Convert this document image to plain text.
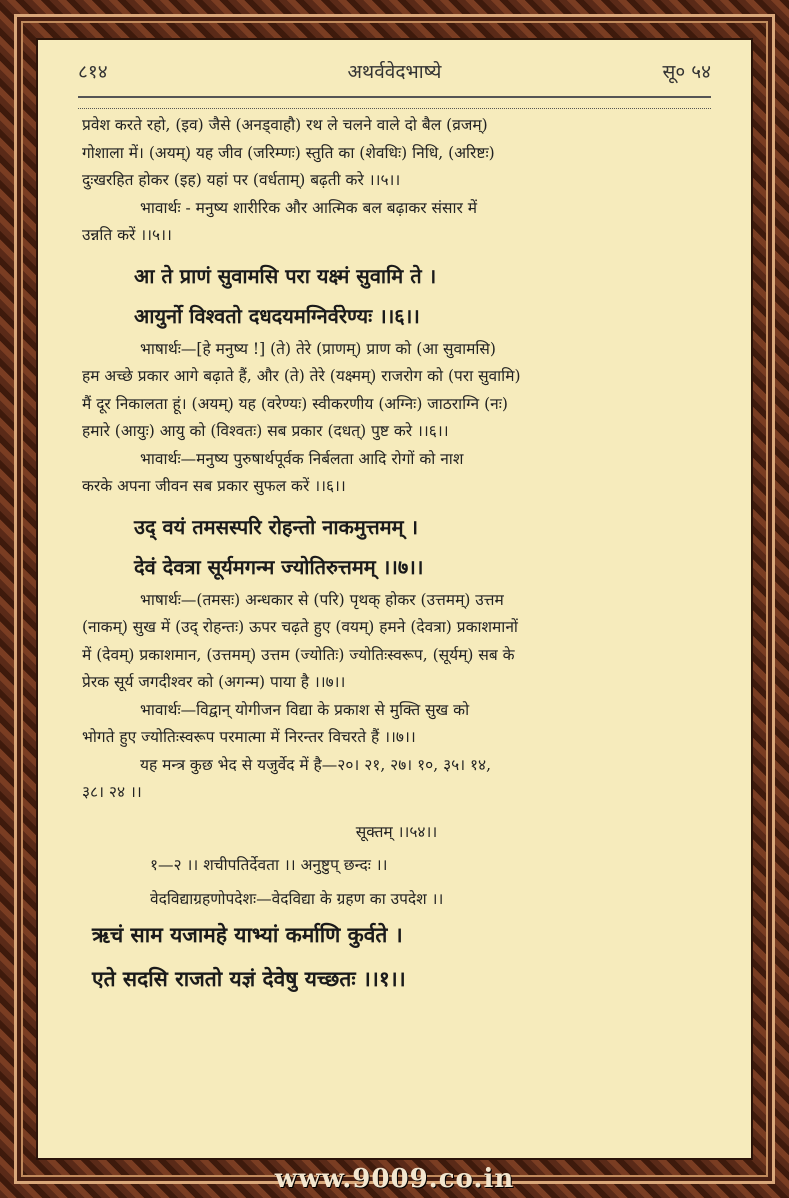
८१४	अथर्ववेदभाष्ये	सू० ५४

प्रवेश करते रहो, (इव) जैसे (अनड्वाहौ) रथ ले चलने वाले दो बैल (व्रजम्)

गोशाला में। (अयम्) यह जीव (जरिम्णः) स्तुति का (शेवधिः) निधि, (अरिष्टः)

दुःखरहित होकर (इह) यहां पर (वर्धताम्) बढ़ती करे ।।५।।

भावार्थः - मनुष्य शारीरिक और आत्मिक बल बढ़ाकर संसार में

उन्नति करें ।।५।।

आ ते प्राणं सुवामसि परा यक्ष्मं सुवामि ते ।

आयुर्नो विश्वतो दधदयमग्निर्वरेण्यः ।।६।।

भाषार्थः—[हे मनुष्य !] (ते) तेरे (प्राणम्) प्राण को (आ सुवामसि)

हम अच्छे प्रकार आगे बढ़ाते हैं, और (ते) तेरे (यक्ष्मम्) राजरोग को (परा सुवामि)

मैं दूर निकालता हूं। (अयम्) यह (वरेण्यः) स्वीकरणीय (अग्निः) जाठराग्नि (नः)

हमारे (आयुः) आयु को (विश्वतः) सब प्रकार (दधत्) पुष्ट करे ।।६।।

भावार्थः—मनुष्य पुरुषार्थपूर्वक निर्बलता आदि रोगों को नाश

करके अपना जीवन सब प्रकार सुफल करें ।।६।।

उद् वयं तमसस्परि रोहन्तो नाकमुत्तमम् ।

देवं देवत्रा सूर्यमगन्म ज्योतिरुत्तमम् ।।७।।

भाषार्थः—(तमसः) अन्धकार से (परि) पृथक् होकर (उत्तमम्) उत्तम

(नाकम्) सुख में (उद् रोहन्तः) ऊपर चढ़ते हुए (वयम्) हमने (देवत्रा) प्रकाशमानों

में (देवम्) प्रकाशमान, (उत्तमम्) उत्तम (ज्योतिः) ज्योतिःस्वरूप, (सूर्यम्) सब के

प्रेरक सूर्य जगदीश्वर को (अगन्म) पाया है ।।७।।

भावार्थः—विद्वान् योगीजन विद्या के प्रकाश से मुक्ति सुख को

भोगते हुए ज्योतिःस्वरूप परमात्मा में निरन्तर विचरते हैं ।।७।।

यह मन्त्र कुछ भेद से यजुर्वेद में है—२०। २१, २७। १०, ३५। १४,

३८। २४ ।।

सूक्तम् ।।५४।।

१—२ ।। शचीपतिर्देवता ।। अनुष्टुप् छन्दः ।।

वेदविद्याग्रहणोपदेशः—वेदविद्या के ग्रहण का उपदेश ।।

ऋचं साम यजामहे याभ्यां कर्माणि कुर्वते ।

एते सदसि राजतो यज्ञं देवेषु यच्छतः ।।१।।

www.9009.co.in
